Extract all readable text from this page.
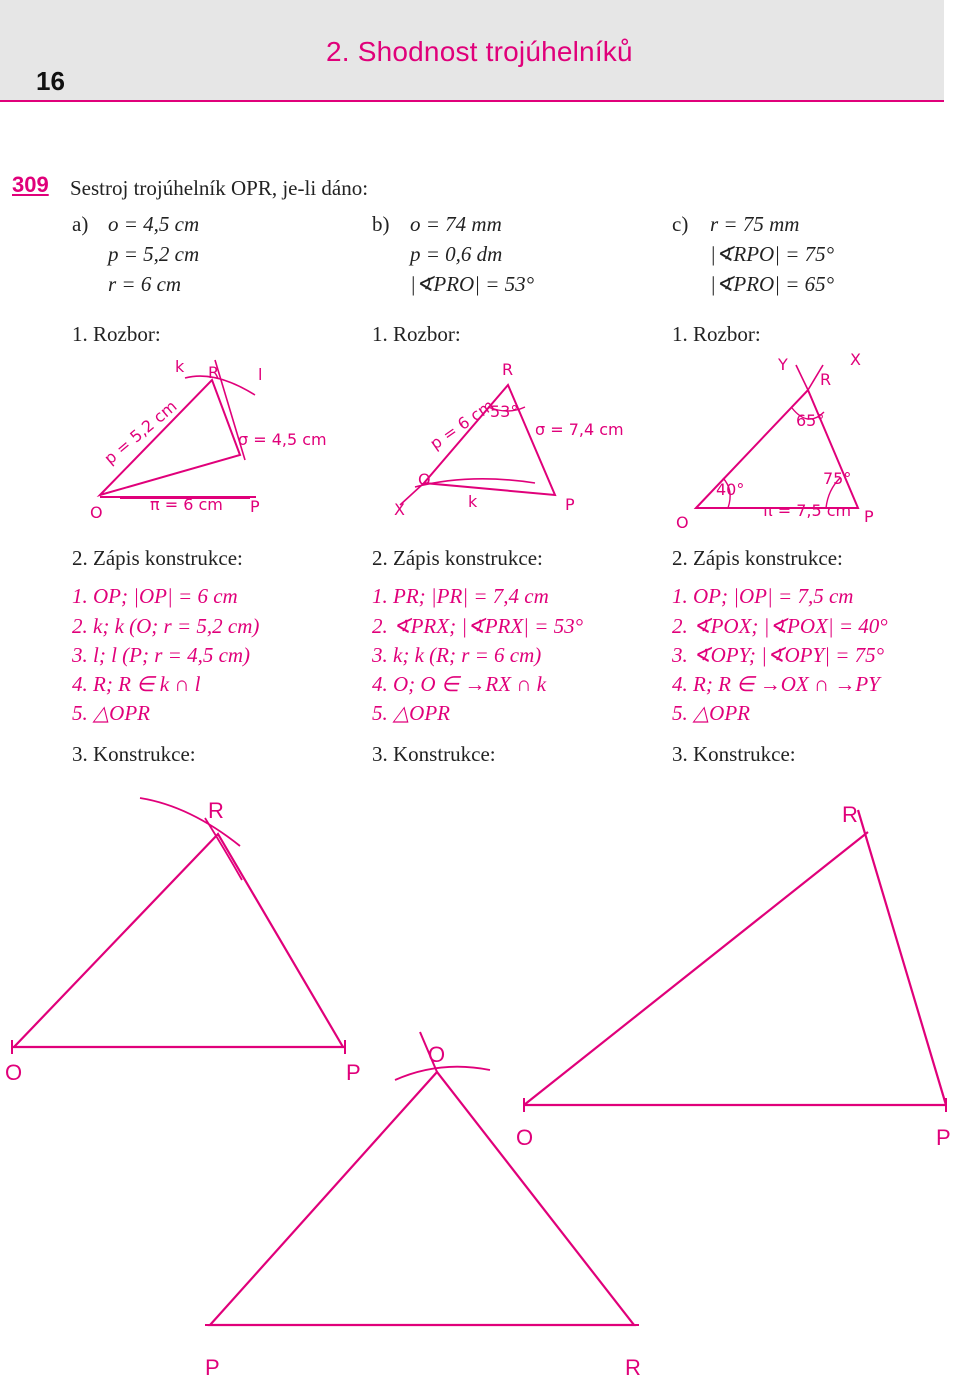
16
2. Shodnost trojúhelníků
309 Sestroj trojúhelník OPR, je-li dáno:
a) o = 4,5 cm
p = 5,2 cm
r = 6 cm
1. Rozbor:
b) o = 74 mm
p = 0,6 dm
|∢PRO| = 53°
1. Rozbor:
c) r = 75 mm
|∢RPO| = 75°
|∢PRO| = 65°
1. Rozbor:
O	P
R
p = 5,2 cm	σ = 4,5 cm
π = 6 cm
k	l
O
P
R
X
p = 6 cm σ = 7,4 cm
53°
k
O	P
R
X
Y
π = 7,5 cm
40°
65°
75°
2. Zápis konstrukce:
1. OP; |OP| = 6 cm
2. k; k (O; r = 5,2 cm)
3. l; l (P; r = 4,5 cm)
4. R; R ∈ k ∩ l
5. △OPR
2. Zápis konstrukce:
1. PR; |PR| = 7,4 cm
2. ∢PRX; |∢PRX| = 53°
3. k; k (R; r = 6 cm)
4. O; O ∈ →RX ∩ k
5. △OPR
2. Zápis konstrukce:
1. OP; |OP| = 7,5 cm
2. ∢POX; |∢POX| = 40°
3. ∢OPY; |∢OPY| = 75°
4. R; R ∈ →OX ∩ →PY
5. △OPR
3. Konstrukce:	3. Konstrukce:	3. Konstrukce:
O	P
R
O
P	R
O	P
R
